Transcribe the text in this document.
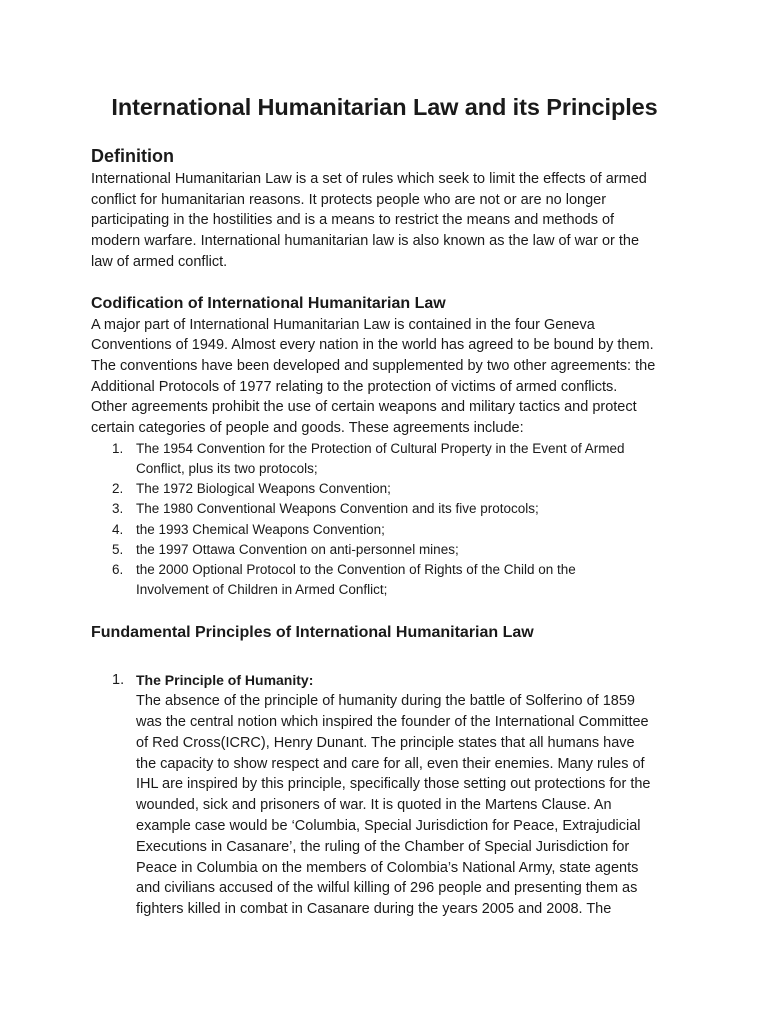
International Humanitarian Law and its Principles
Definition
International Humanitarian Law is a set of rules which seek to limit the effects of armed
conflict for humanitarian reasons. It protects people who are not or are no longer
participating in the hostilities and is a means to restrict the means and methods of
modern warfare. International humanitarian law is also known as the law of war or the
law of armed conflict.
Codification of International Humanitarian Law
A major part of International Humanitarian Law is contained in the four Geneva
Conventions of 1949. Almost every nation in the world has agreed to be bound by them.
The conventions have been developed and supplemented by two other agreements: the
Additional Protocols of 1977 relating to the protection of victims of armed conflicts.
Other agreements prohibit the use of certain weapons and military tactics and protect
certain categories of people and goods. These agreements include:
1. The 1954 Convention for the Protection of Cultural Property in the Event of Armed
Conflict, plus its two protocols;
2. The 1972 Biological Weapons Convention;
3. The 1980 Conventional Weapons Convention and its five protocols;
4. the 1993 Chemical Weapons Convention;
5. the 1997 Ottawa Convention on anti-personnel mines;
6. the 2000 Optional Protocol to the Convention of Rights of the Child on the
Involvement of Children in Armed Conflict;
Fundamental Principles of International Humanitarian Law
1. The Principle of Humanity:
The absence of the principle of humanity during the battle of Solferino of 1859
was the central notion which inspired the founder of the International Committee
of Red Cross(ICRC), Henry Dunant. The principle states that all humans have
the capacity to show respect and care for all, even their enemies. Many rules of
IHL are inspired by this principle, specifically those setting out protections for the
wounded, sick and prisoners of war. It is quoted in the Martens Clause. An
example case would be ‘Columbia, Special Jurisdiction for Peace, Extrajudicial
Executions in Casanare’, the ruling of the Chamber of Special Jurisdiction for
Peace in Columbia on the members of Colombia’s National Army, state agents
and civilians accused of the wilful killing of 296 people and presenting them as
fighters killed in combat in Casanare during the years 2005 and 2008. The
